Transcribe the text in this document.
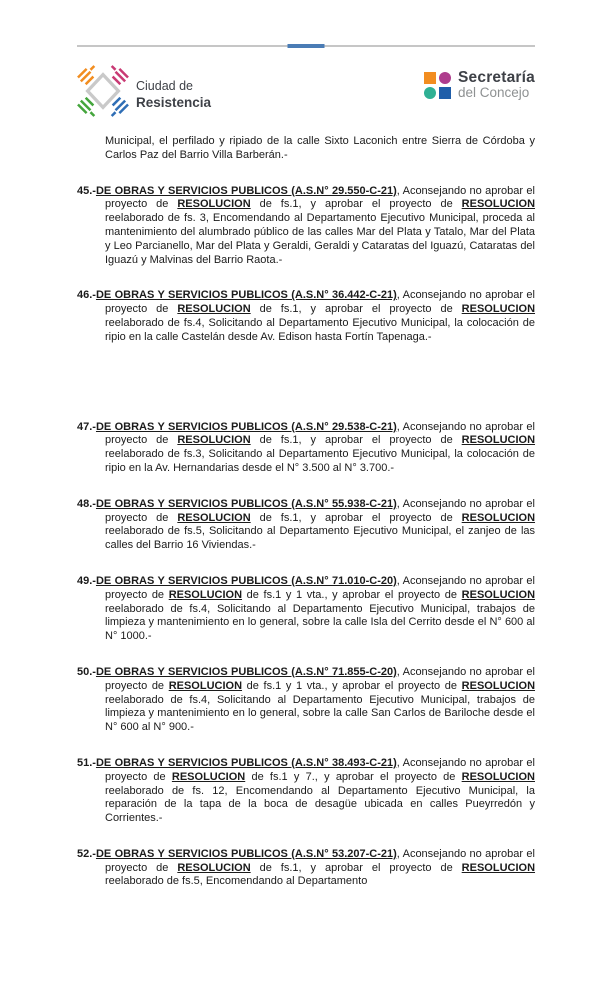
Ciudad de
Resistencia
Secretaría
del Concejo

Municipal, el perfilado y ripiado de la calle Sixto Laconich entre Sierra de Córdoba y Carlos Paz del Barrio Villa Barberán.-

45.-DE OBRAS Y SERVICIOS PUBLICOS (A.S.N° 29.550-C-21), Aconsejando no aprobar el proyecto de RESOLUCION de fs.1, y aprobar el proyecto de RESOLUCION reelaborado de fs. 3, Encomendando al Departamento Ejecutivo Municipal, proceda al mantenimiento del alumbrado público de las calles Mar del Plata y Tatalo, Mar del Plata y Leo Parcianello, Mar del Plata y Geraldi, Geraldi y Cataratas del Iguazú, Cataratas del Iguazú y Malvinas del Barrio Raota.-
46.-DE OBRAS Y SERVICIOS PUBLICOS (A.S.N° 36.442-C-21), Aconsejando no aprobar el proyecto de RESOLUCION de fs.1, y aprobar el proyecto de RESOLUCION reelaborado de fs.4, Solicitando al Departamento Ejecutivo Municipal, la colocación de ripio en la calle Castelán desde Av. Edison hasta Fortín Tapenaga.-
47.-DE OBRAS Y SERVICIOS PUBLICOS (A.S.N° 29.538-C-21), Aconsejando no aprobar el proyecto de RESOLUCION de fs.1, y aprobar el proyecto de RESOLUCION reelaborado de fs.3, Solicitando al Departamento Ejecutivo Municipal, la colocación de ripio en la Av. Hernandarias desde el N° 3.500 al N° 3.700.-
48.-DE OBRAS Y SERVICIOS PUBLICOS (A.S.N° 55.938-C-21), Aconsejando no aprobar el proyecto de RESOLUCION de fs.1, y aprobar el proyecto de RESOLUCION reelaborado de fs.5, Solicitando al Departamento Ejecutivo Municipal, el zanjeo de las calles del Barrio 16 Viviendas.-
49.-DE OBRAS Y SERVICIOS PUBLICOS (A.S.N° 71.010-C-20), Aconsejando no aprobar el proyecto de RESOLUCION de fs.1 y 1 vta., y aprobar el proyecto de RESOLUCION reelaborado de fs.4, Solicitando al Departamento Ejecutivo Municipal, trabajos de limpieza y mantenimiento en lo general, sobre la calle Isla del Cerrito desde el N° 600 al N° 1000.-
50.-DE OBRAS Y SERVICIOS PUBLICOS (A.S.N° 71.855-C-20), Aconsejando no aprobar el proyecto de RESOLUCION de fs.1 y 1 vta., y aprobar el proyecto de RESOLUCION reelaborado de fs.4, Solicitando al Departamento Ejecutivo Municipal, trabajos de limpieza y mantenimiento en lo general, sobre la calle San Carlos de Bariloche desde el N° 600 al N° 900.-
51.-DE OBRAS Y SERVICIOS PUBLICOS (A.S.N° 38.493-C-21), Aconsejando no aprobar el proyecto de RESOLUCION de fs.1 y 7., y aprobar el proyecto de RESOLUCION reelaborado de fs. 12, Encomendando al Departamento Ejecutivo Municipal, la reparación de la tapa de la boca de desagüe ubicada en calles Pueyrredón y Corrientes.-
52.-DE OBRAS Y SERVICIOS PUBLICOS (A.S.N° 53.207-C-21), Aconsejando no aprobar el proyecto de RESOLUCION de fs.1, y aprobar el proyecto de RESOLUCION reelaborado de fs.5, Encomendando al Departamento
